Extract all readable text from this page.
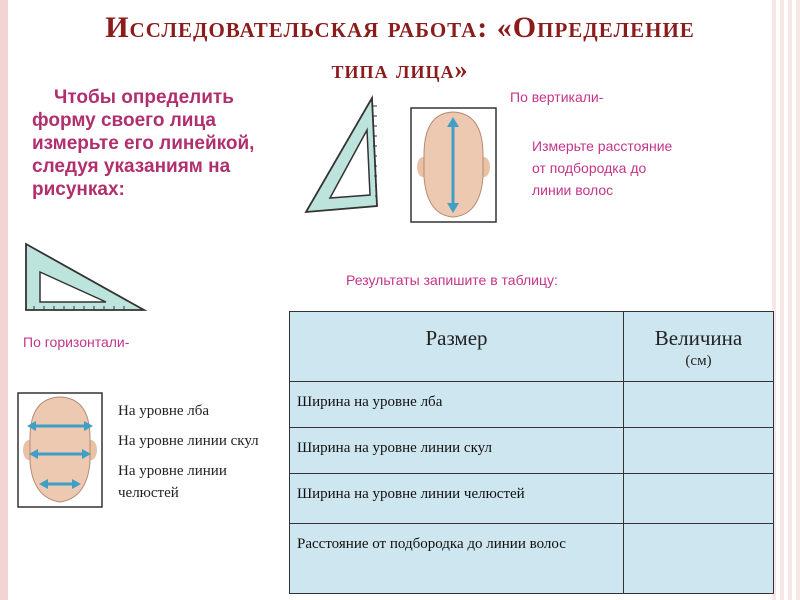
Исследовательская работа: «Определение
типа лица»
Чтобы определить форму своего лица измерьте его линейкой, следуя указаниям на рисунках:
По вертикали-
Измерьте расстояние от подбородка до линии волос
По горизонтали-
На уровне лба
На уровне линии скул
На уровне линии челюстей
Результаты запишите в таблицу:
Размер	Величина
(см)

Ширина на уровне лба	
Ширина на уровне линии скул	
Ширина на уровне линии челюстей	
Расстояние от подбородка до линии волос	
